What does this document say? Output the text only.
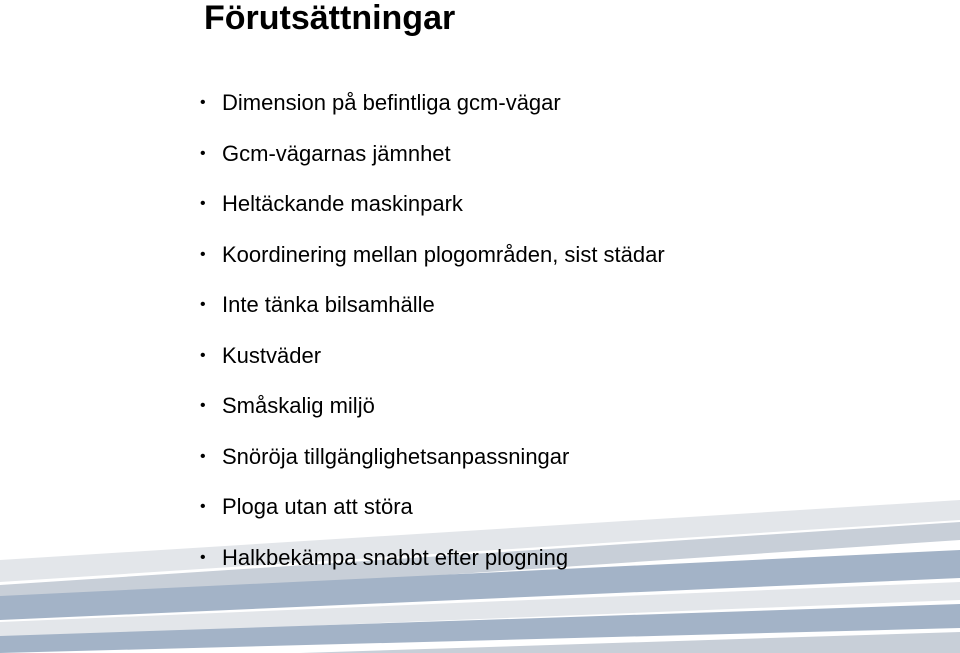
Förutsättningar
• Dimension på befintliga gcm-vägar
• Gcm-vägarnas jämnhet
• Heltäckande maskinpark
• Koordinering mellan plogområden, sist städar
• Inte tänka bilsamhälle
• Kustväder
• Småskalig miljö
• Snöröja tillgänglighetsanpassningar
• Ploga utan att störa
• Halkbekämpa snabbt efter plogning
